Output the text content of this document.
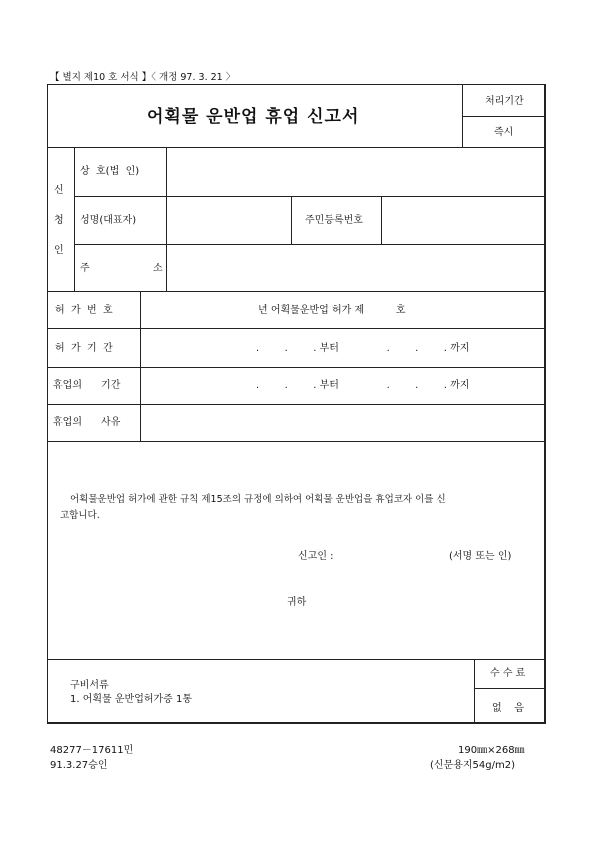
【 별지 제10 호 서식 】〈 개정 97. 3. 21 〉
어획물 운반업 휴업 신고서
처리기간
즉시
신
청
인
상  호(법  인)
성명(대표자)	주민등록번호
주	소
허  가  번  호	년 어획물운반업 허가 제          호
허  가  기  간	.        .        . 부터               .        .        . 까지
휴업의      기간	.        .        . 부터               .        .        . 까지
휴업의      사유
어획물운반업 허가에 관한 규칙 제15조의 규정에 의하여 어획물 운반업을 휴업코자 이를 신
고합니다.
신고인 :	(서명 또는 인)
귀하
구비서류
1. 어획물 운반업허가증 1통
수 수 료
없    음
48277－17611민
91.3.27승인
190㎜×268㎜
(신문용지54g/m2)
